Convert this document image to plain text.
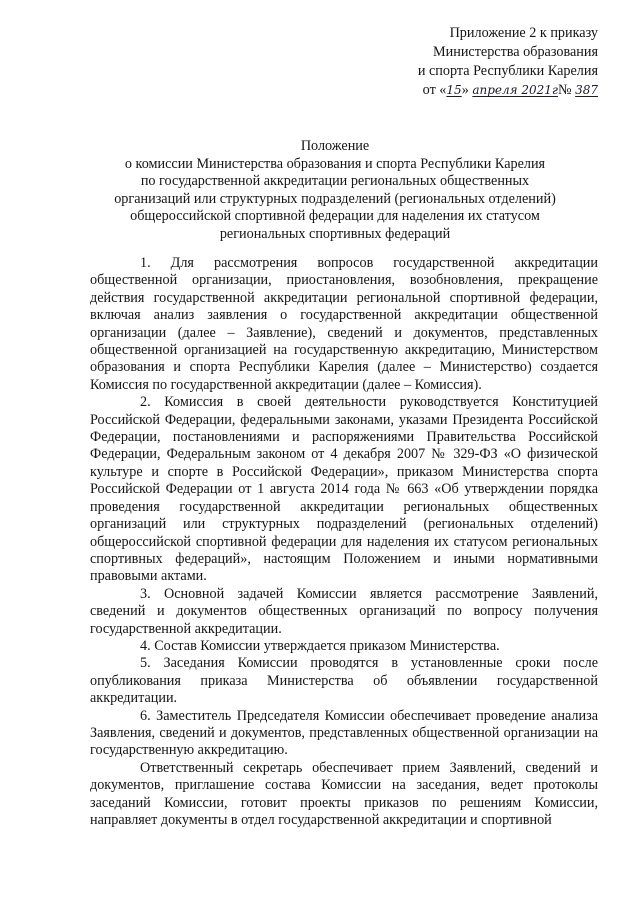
Приложение 2 к приказу
Министерства образования
и спорта Республики Карелия
от «15» апреля 2021г№ 387
Положение
о комиссии Министерства образования и спорта Республики Карелия
по государственной аккредитации региональных общественных
организаций или структурных подразделений (региональных отделений)
общероссийской спортивной федерации для наделения их статусом
региональных спортивных федераций

1. Для рассмотрения вопросов государственной аккредитации общественной организации, приостановления, возобновления, прекращение действия государственной аккредитации региональной спортивной федерации, включая анализ заявления о государственной аккредитации общественной организации (далее – Заявление), сведений и документов, представленных общественной организацией на государственную аккредитацию, Министерством образования и спорта Республики Карелия (далее – Министерство) создается Комиссия по государственной аккредитации (далее – Комиссия).

2. Комиссия в своей деятельности руководствуется Конституцией Российской Федерации, федеральными законами, указами Президента Российской Федерации, постановлениями и распоряжениями Правительства Российской Федерации, Федеральным законом от 4 декабря 2007 № 329-ФЗ «О физической культуре и спорте в Российской Федерации», приказом Министерства спорта Российской Федерации от 1 августа 2014 года № 663 «Об утверждении порядка проведения государственной аккредитации региональных общественных организаций или структурных подразделений (региональных отделений) общероссийской спортивной федерации для наделения их статусом региональных спортивных федераций», настоящим Положением и иными нормативными правовыми актами.

3. Основной задачей Комиссии является рассмотрение Заявлений, сведений и документов общественных организаций по вопросу получения государственной аккредитации.

4. Состав Комиссии утверждается приказом Министерства.

5. Заседания Комиссии проводятся в установленные сроки после опубликования приказа Министерства об объявлении государственной аккредитации.

6. Заместитель Председателя Комиссии обеспечивает проведение анализа Заявления, сведений и документов, представленных общественной организации на государственную аккредитацию.

Ответственный секретарь обеспечивает прием Заявлений, сведений и документов, приглашение состава Комиссии на заседания, ведет протоколы заседаний Комиссии, готовит проекты приказов по решениям Комиссии, направляет документы в отдел государственной аккредитации и спортивной
